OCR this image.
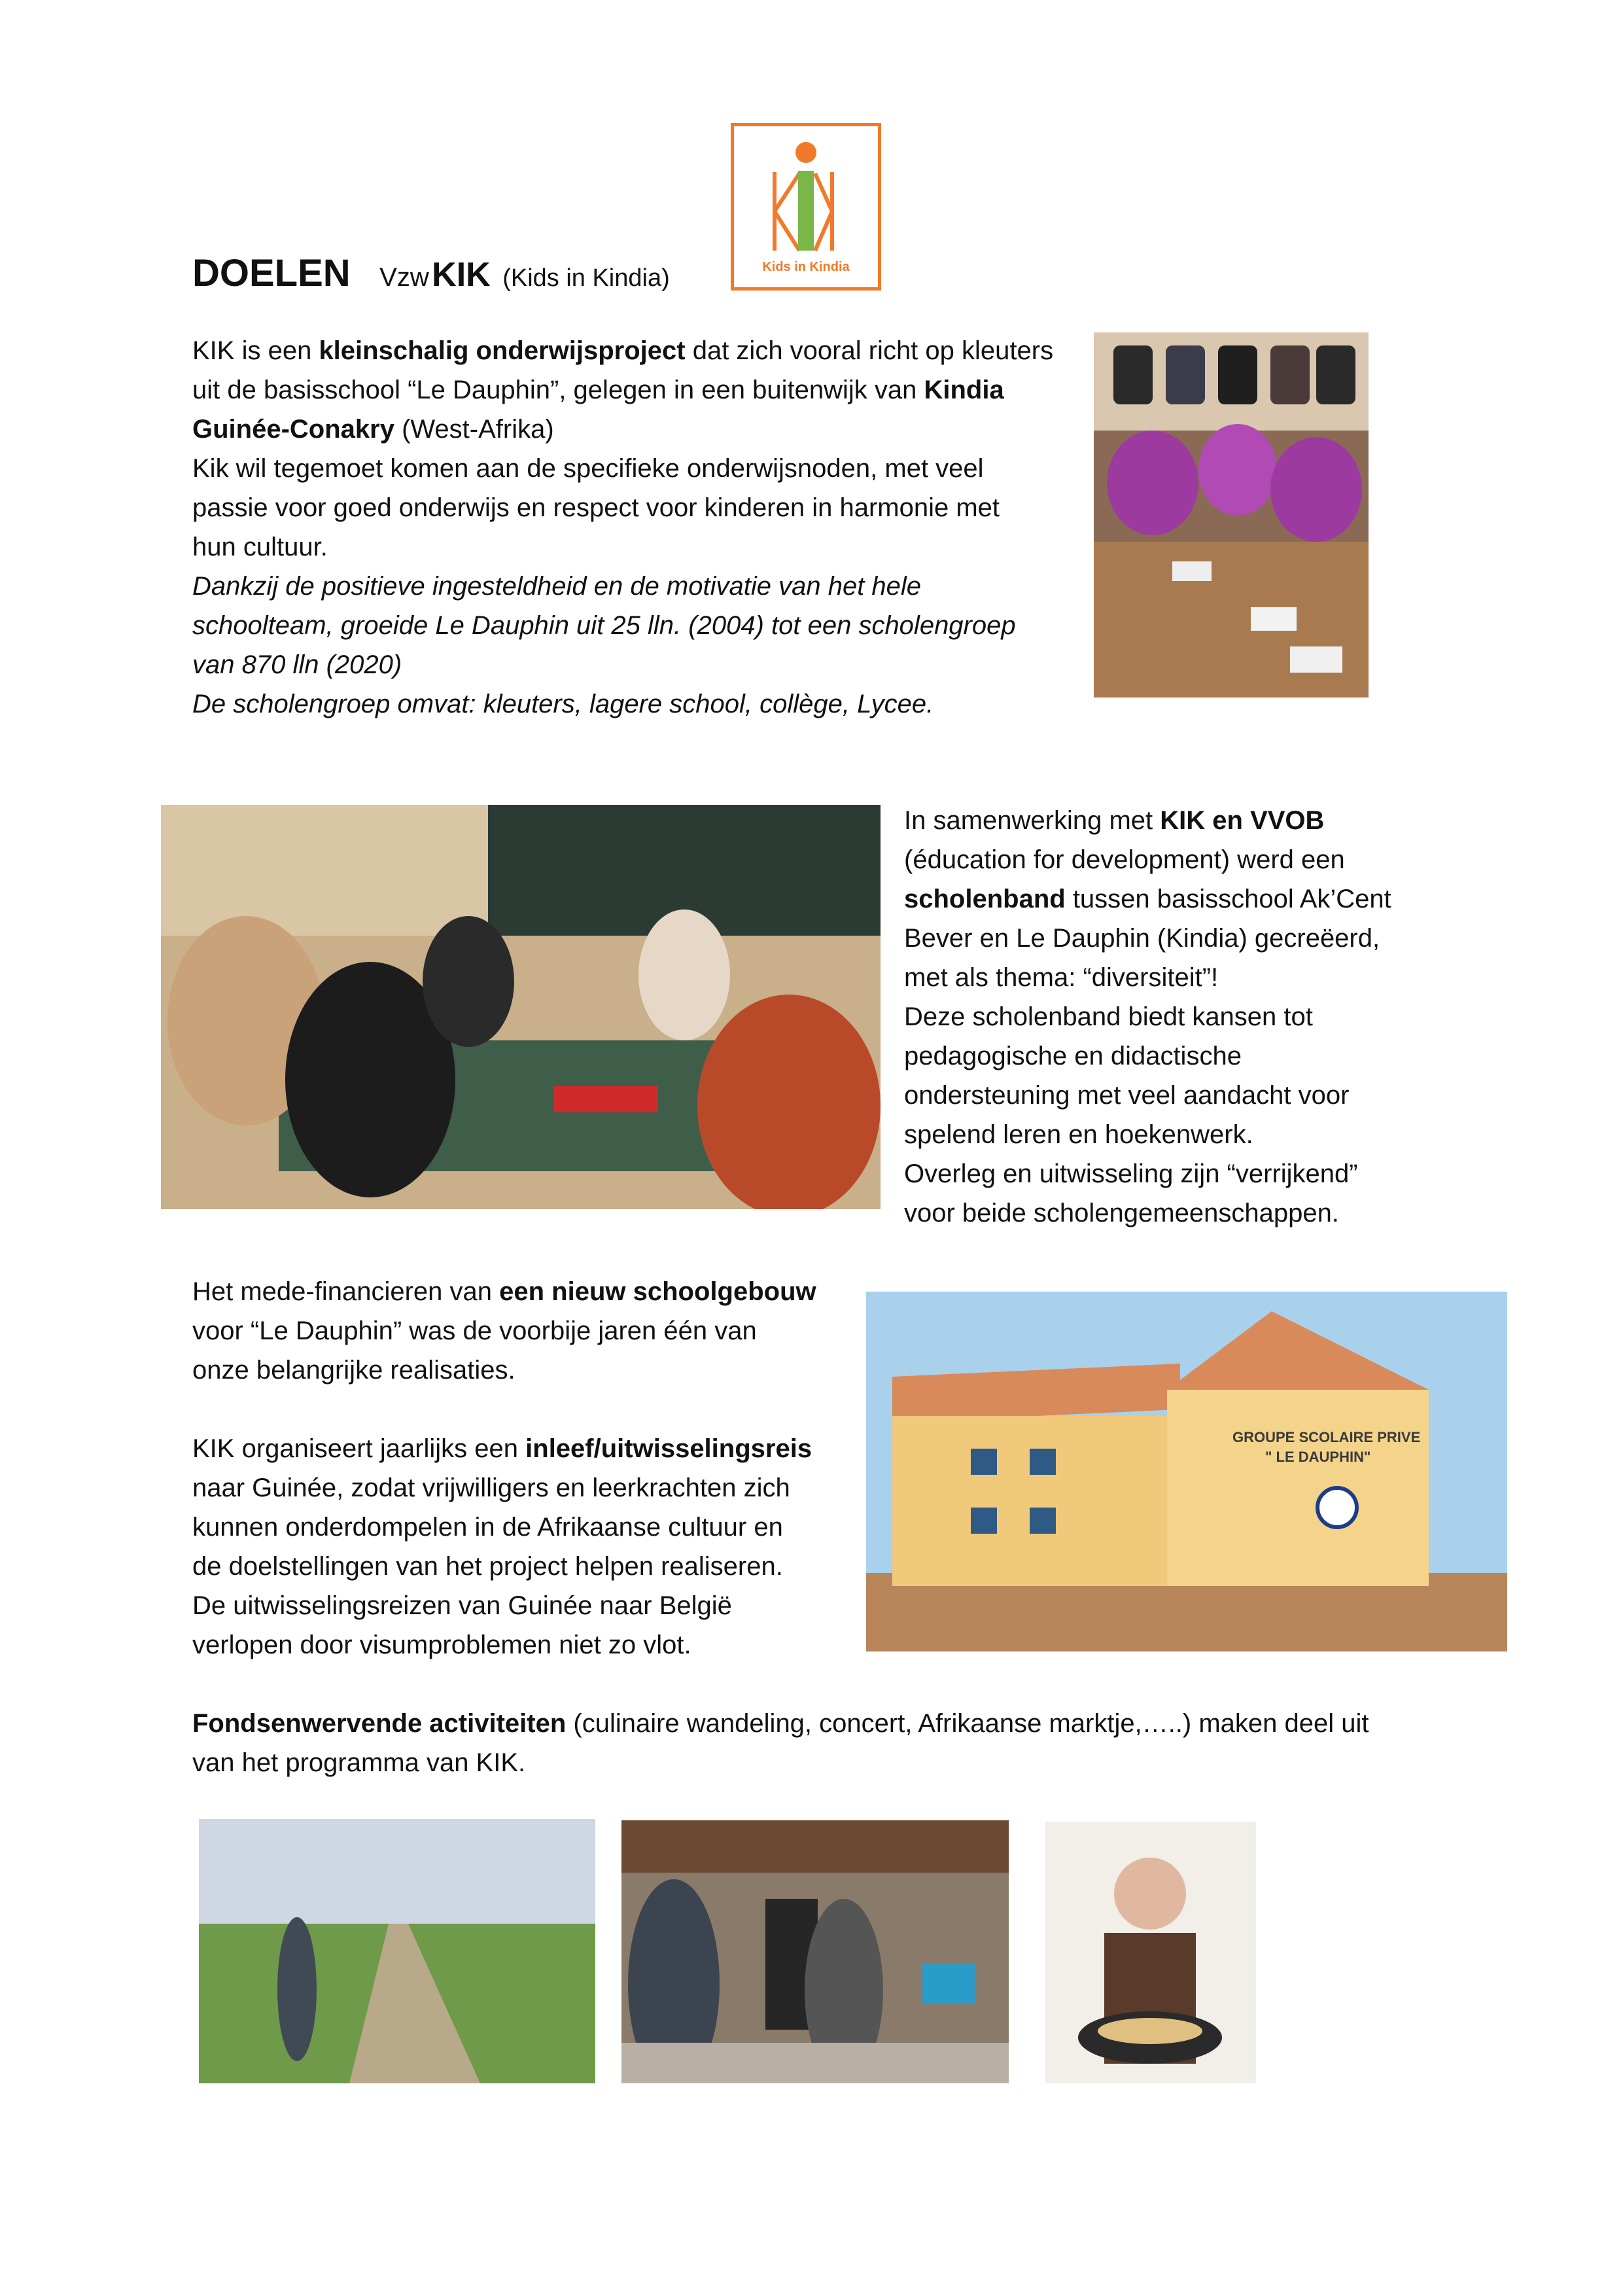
Kids in Kindia
DOELEN Vzw KIK (Kids in Kindia)

KIK is een kleinschalig onderwijsproject dat zich vooral richt op kleuters

uit de basisschool “Le Dauphin”, gelegen in een buitenwijk van Kindia

Guinée-Conakry (West-Afrika)

Kik wil tegemoet komen aan de specifieke onderwijsnoden, met veel

passie voor goed onderwijs en respect voor kinderen in harmonie met

hun cultuur.

Dankzij de positieve ingesteldheid en de motivatie van het hele

schoolteam, groeide Le Dauphin uit 25 lln. (2004) tot een scholengroep

van 870 lln (2020)

De scholengroep omvat: kleuters, lagere school, collège, Lycee.

In samenwerking met KIK en VVOB

(éducation for development) werd een

scholenband tussen basisschool Ak’Cent

Bever en Le Dauphin (Kindia) gecreëerd,

met als thema: “diversiteit”!

Deze scholenband biedt kansen tot

pedagogische en didactische

ondersteuning met veel aandacht voor

spelend leren en hoekenwerk.

Overleg en uitwisseling zijn “verrijkend”

voor beide scholengemeenschappen.

Het mede-financieren van een nieuw schoolgebouw

voor “Le Dauphin” was de voorbije jaren één van

onze belangrijke realisaties.

GROUPE SCOLAIRE PRIVE
" LE DAUPHIN"

KIK organiseert jaarlijks een inleef/uitwisselingsreis

naar Guinée, zodat vrijwilligers en leerkrachten zich

kunnen onderdompelen in de Afrikaanse cultuur en

de doelstellingen van het project helpen realiseren.

De uitwisselingsreizen van Guinée naar België

verlopen door visumproblemen niet zo vlot.

Fondsenwervende activiteiten (culinaire wandeling, concert, Afrikaanse marktje,…..) maken deel uit

van het programma van KIK.
